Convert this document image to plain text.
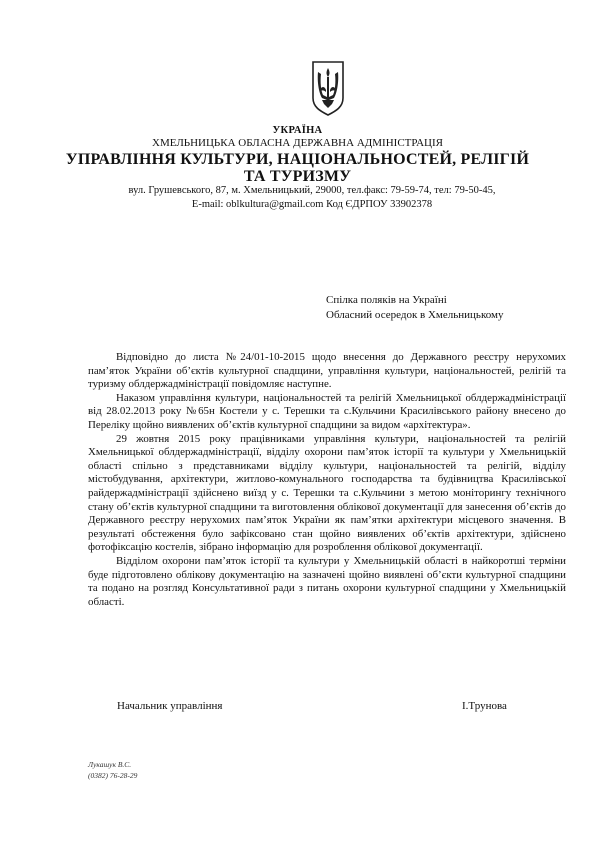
УКРАЇНА
ХМЕЛЬНИЦЬКА ОБЛАСНА ДЕРЖАВНА АДМІНІСТРАЦІЯ
УПРАВЛІННЯ КУЛЬТУРИ, НАЦІОНАЛЬНОСТЕЙ, РЕЛІГІЙ
ТА ТУРИЗМУ
вул. Грушевського, 87, м. Хмельницький, 29000, тел.факс: 79-59-74, тел: 79-50-45,
E-mail: oblkultura@gmail.com Код ЄДРПОУ 33902378
Спілка поляків на Україні
Обласний осередок в Хмельницькому

Відповідно до листа №24/01-10-2015 щодо внесення до Державного реєстру нерухомих пам’яток України об’єктів культурної спадщини, управління культури, національностей, релігій та туризму облдержадміністрації повідомляє наступне.

Наказом управління культури, національностей та релігій Хмельницької облдержадміністрації від 28.02.2013 року №65н Костели у с. Терешки та с.Кульчини Красилівського району внесено до Переліку щойно виявлених об’єктів культурної спадщини за видом «архітектура».

29 жовтня 2015 року працівниками управління культури, національностей та релігій Хмельницької облдержадміністрації, відділу охорони пам’яток історії та культури у Хмельницькій області спільно з представниками відділу культури, національностей та релігій, відділу містобудування, архітектури, житлово-комунального господарства та будівництва Красилівської райдержадміністрації здійснено виїзд у с. Терешки та с.Кульчини з метою моніторингу технічного стану об’єктів культурної спадщини та виготовлення облікової документації для занесення об’єктів до Державного реєстру нерухомих пам’яток України як пам’ятки архітектури місцевого значення. В результаті обстеження було зафіксовано стан щойно виявлених об’єктів архітектури, здійснено фотофіксацію костелів, зібрано інформацію для розроблення облікової документації.

Відділом охорони пам’яток історії та культури у Хмельницькій області в найкоротші терміни буде підготовлено облікову документацію на зазначені щойно виявлені об’єкти культурної спадщини та подано на розгляд Консультативної ради з питань охорони культурної спадщини у Хмельницькій області.

Начальник управління	І.Трунова
Лукашук В.С.
(0382) 76-28-29
